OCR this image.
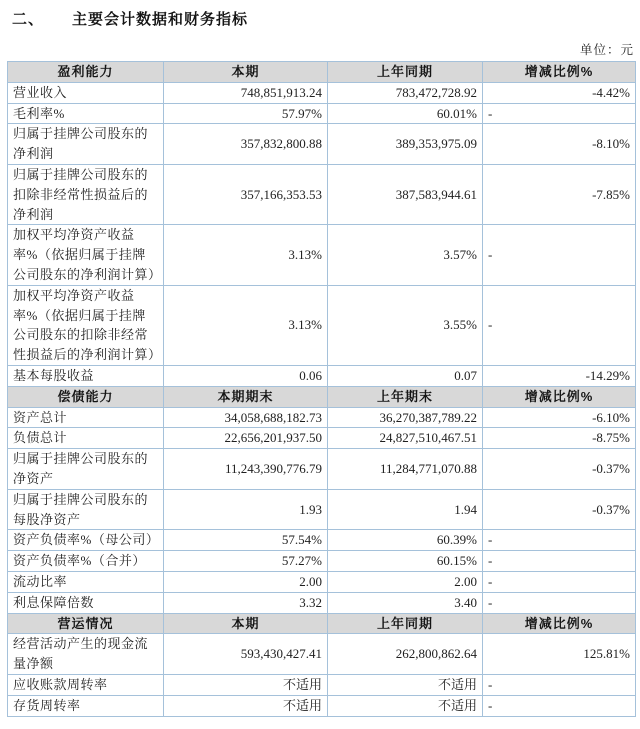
二、 主要会计数据和财务指标
单位：元
盈利能力	本期	上年同期	增减比例%
营业收入	748,851,913.24	783,472,728.92	-4.42%
毛利率%	57.97%	60.01%	-
归属于挂牌公司股东的净利润	357,832,800.88	389,353,975.09	-8.10%
归属于挂牌公司股东的扣除非经常性损益后的净利润	357,166,353.53	387,583,944.61	-7.85%
加权平均净资产收益率%（依据归属于挂牌公司股东的净利润计算）	3.13%	3.57%	-
加权平均净资产收益率%（依据归属于挂牌公司股东的扣除非经常性损益后的净利润计算）	3.13%	3.55%	-
基本每股收益	0.06	0.07	-14.29%
偿债能力	本期期末	上年期末	增减比例%
资产总计	34,058,688,182.73	36,270,387,789.22	-6.10%
负债总计	22,656,201,937.50	24,827,510,467.51	-8.75%
归属于挂牌公司股东的净资产	11,243,390,776.79	11,284,771,070.88	-0.37%
归属于挂牌公司股东的每股净资产	1.93	1.94	-0.37%
资产负债率%（母公司）	57.54%	60.39%	-
资产负债率%（合并）	57.27%	60.15%	-
流动比率	2.00	2.00	-
利息保障倍数	3.32	3.40	-
营运情况	本期	上年同期	增减比例%
经营活动产生的现金流量净额	593,430,427.41	262,800,862.64	125.81%
应收账款周转率	不适用	不适用	-
存货周转率	不适用	不适用	-
